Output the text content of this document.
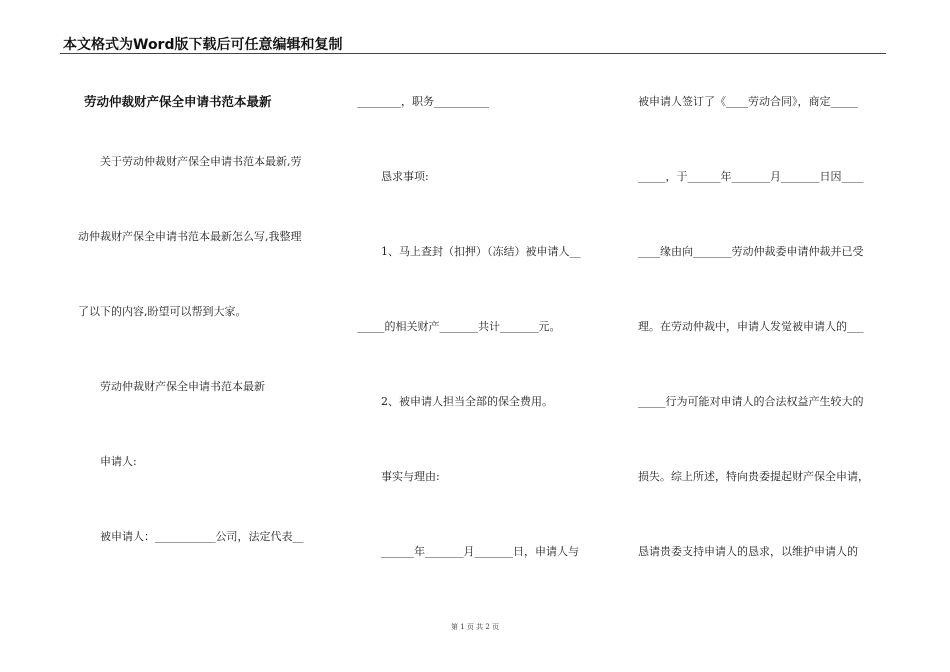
本文格式为Word版下载后可任意编辑和复制
劳动仲裁财产保全申请书范本最新
关于劳动仲裁财产保全申请书范本最新,劳
动仲裁财产保全申请书范本最新怎么写,我整理
了以下的内容,盼望可以帮到大家。
劳动仲裁财产保全申请书范本最新
申请人:
被申请人：___________公司，法定代表__
________，职务__________
恳求事项:
1、马上查封（扣押）（冻结）被申请人__
_____的相关财产_______共计_______元。
2、被申请人担当全部的保全费用。
事实与理由:
______年_______月_______日，申请人与
被申请人签订了《____劳动合同》，商定_____
_____，于______年_______月_______日因____
____缘由向_______劳动仲裁委申请仲裁并已受
理。在劳动仲裁中，申请人发觉被申请人的___
_____行为可能对申请人的合法权益产生较大的
损失。综上所述，特向贵委提起财产保全申请，
恳请贵委支持申请人的恳求，以维护申请人的
第 1 页 共 2 页
